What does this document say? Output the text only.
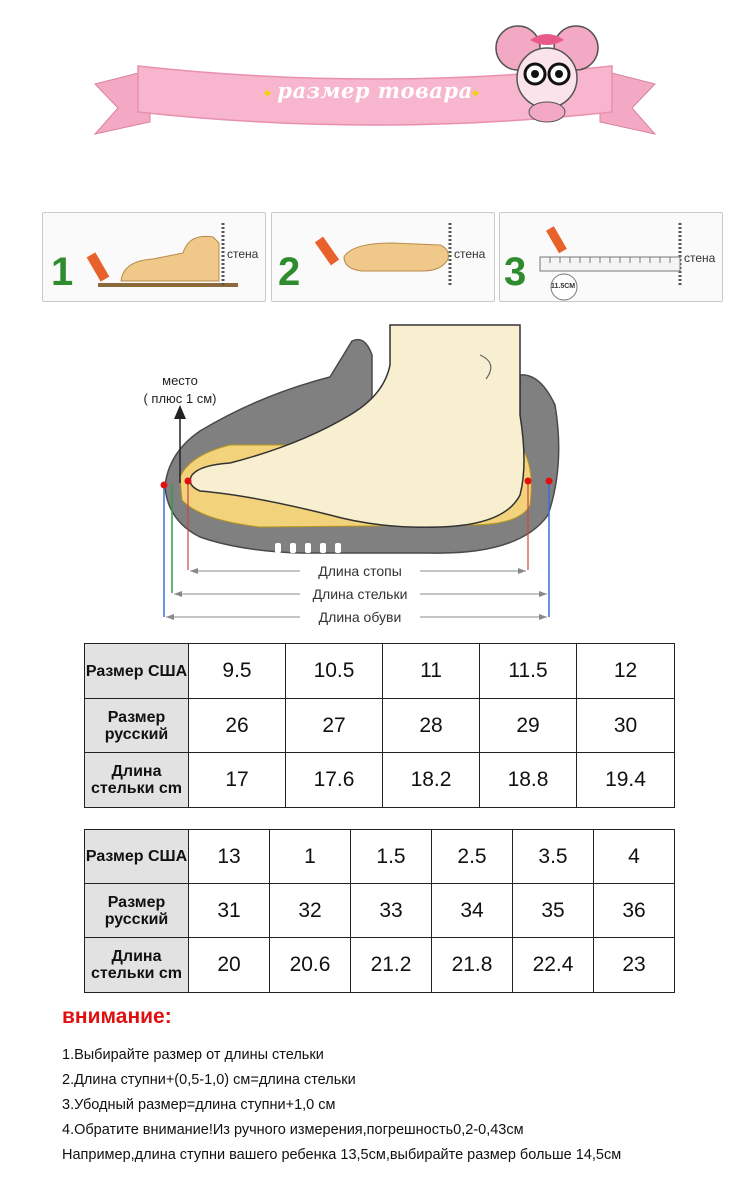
✦	✦
размер товара
1	стена 2	стена 3	11.5CM
стена
место
( плюс 1 см)
Длина стопы
Длина стельки
Длина обуви
Размер США	9.5	10.5	11	11.5	12
Размер русский	26	27	28	29	30
Длина стельки cm	17	17.6	18.2	18.8	19.4
Размер США	13	1	1.5	2.5	3.5	4
Размер русский	31	32	33	34	35	36
Длина стельки cm	20	20.6	21.2	21.8	22.4	23
внимание:
1.Выбирайте размер от длины стельки
2.Длина ступни+(0,5-1,0) см=длина стельки
3.Убодный размер=длина ступни+1,0 см
4.Обратите внимание!Из ручного измерения,погрешность0,2-0,43см
Например,длина ступни вашего ребенка 13,5см,выбирайте размер больше 14,5см
